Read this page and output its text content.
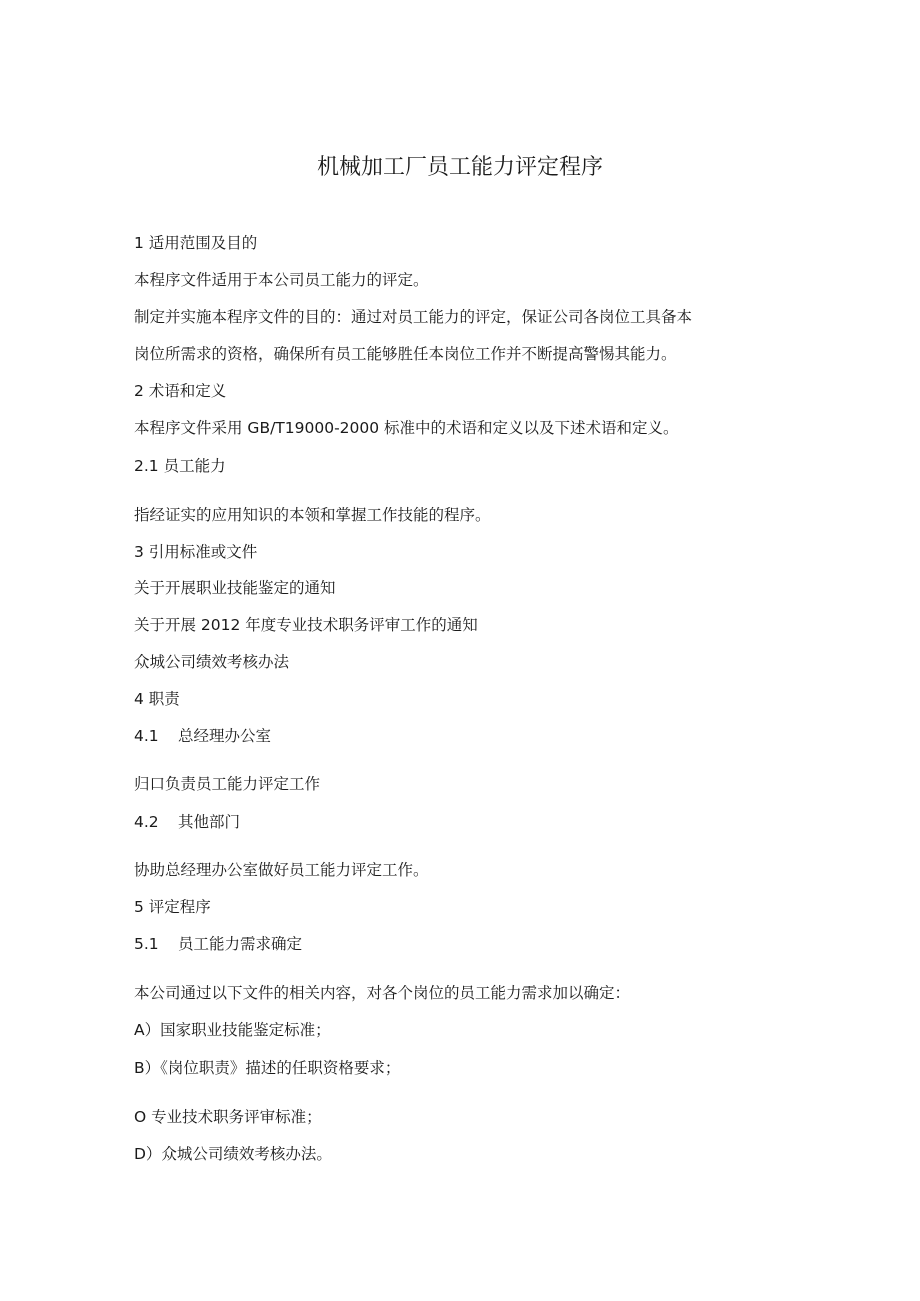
机械加工厂员工能力评定程序

1 适用范围及目的

本程序文件适用于本公司员工能力的评定。

制定并实施本程序文件的目的：通过对员工能力的评定，保证公司各岗位工具备本

岗位所需求的资格，确保所有员工能够胜任本岗位工作并不断提高警惕其能力。

2 术语和定义

本程序文件采用 GB/T19000-2000 标准中的术语和定义以及下述术语和定义。

2.1 员工能力

指经证实的应用知识的本领和掌握工作技能的程序。

3 引用标准或文件

关于开展职业技能鉴定的通知

关于开展 2012 年度专业技术职务评审工作的通知

众城公司绩效考核办法

4 职责

4.1 总经理办公室

归口负责员工能力评定工作

4.2 其他部门

协助总经理办公室做好员工能力评定工作。

5 评定程序

5.1 员工能力需求确定

本公司通过以下文件的相关内容，对各个岗位的员工能力需求加以确定：

A）国家职业技能鉴定标准；

B）《岗位职责》描述的任职资格要求；

O 专业技术职务评审标准；

D）众城公司绩效考核办法。
